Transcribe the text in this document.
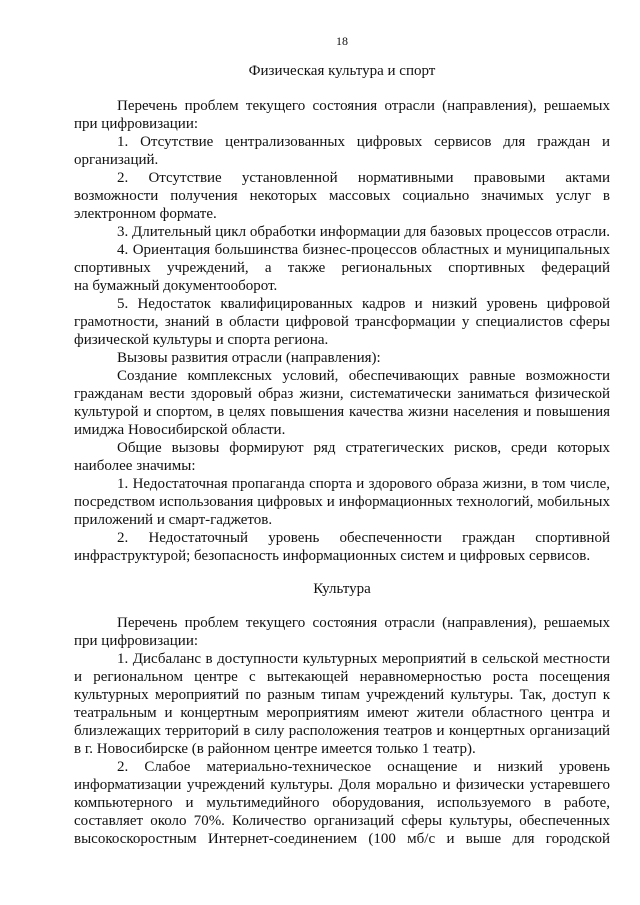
18
Физическая культура и спорт
Перечень проблем текущего состояния отрасли (направления), решаемых
при цифровизации:
1. Отсутствие централизованных цифровых сервисов для граждан и
организаций.
2. Отсутствие установленной нормативными правовыми актами
возможности получения некоторых массовых социально значимых услуг в
электронном формате.
3. Длительный цикл обработки информации для базовых процессов отрасли.
4. Ориентация большинства бизнес-процессов областных и муниципальных
спортивных учреждений, а также региональных спортивных федераций
на бумажный документооборот.
5. Недостаток квалифицированных кадров и низкий уровень цифровой
грамотности, знаний в области цифровой трансформации у специалистов сферы
физической культуры и спорта региона.
Вызовы развития отрасли (направления):
Создание комплексных условий, обеспечивающих равные возможности
гражданам вести здоровый образ жизни, систематически заниматься физической
культурой и спортом, в целях повышения качества жизни населения и повышения
имиджа Новосибирской области.
Общие вызовы формируют ряд стратегических рисков, среди которых
наиболее значимы:
1. Недостаточная пропаганда спорта и здорового образа жизни, в том числе,
посредством использования цифровых и информационных технологий, мобильных
приложений и смарт-гаджетов.
2. Недостаточный уровень обеспеченности граждан спортивной
инфраструктурой; безопасность информационных систем и цифровых сервисов.
Культура
Перечень проблем текущего состояния отрасли (направления), решаемых
при цифровизации:
1. Дисбаланс в доступности культурных мероприятий в сельской местности
и региональном центре с вытекающей неравномерностью роста посещения
культурных мероприятий по разным типам учреждений культуры. Так, доступ к
театральным и концертным мероприятиям имеют жители областного центра и
близлежащих территорий в силу расположения театров и концертных организаций
в г. Новосибирске (в районном центре имеется только 1 театр).
2. Слабое материально-техническое оснащение и низкий уровень
информатизации учреждений культуры. Доля морально и физически устаревшего
компьютерного и мультимедийного оборудования, используемого в работе,
составляет около 70%. Количество организаций сферы культуры, обеспеченных
высокоскоростным Интернет-соединением (100 мб/с и выше для городской
